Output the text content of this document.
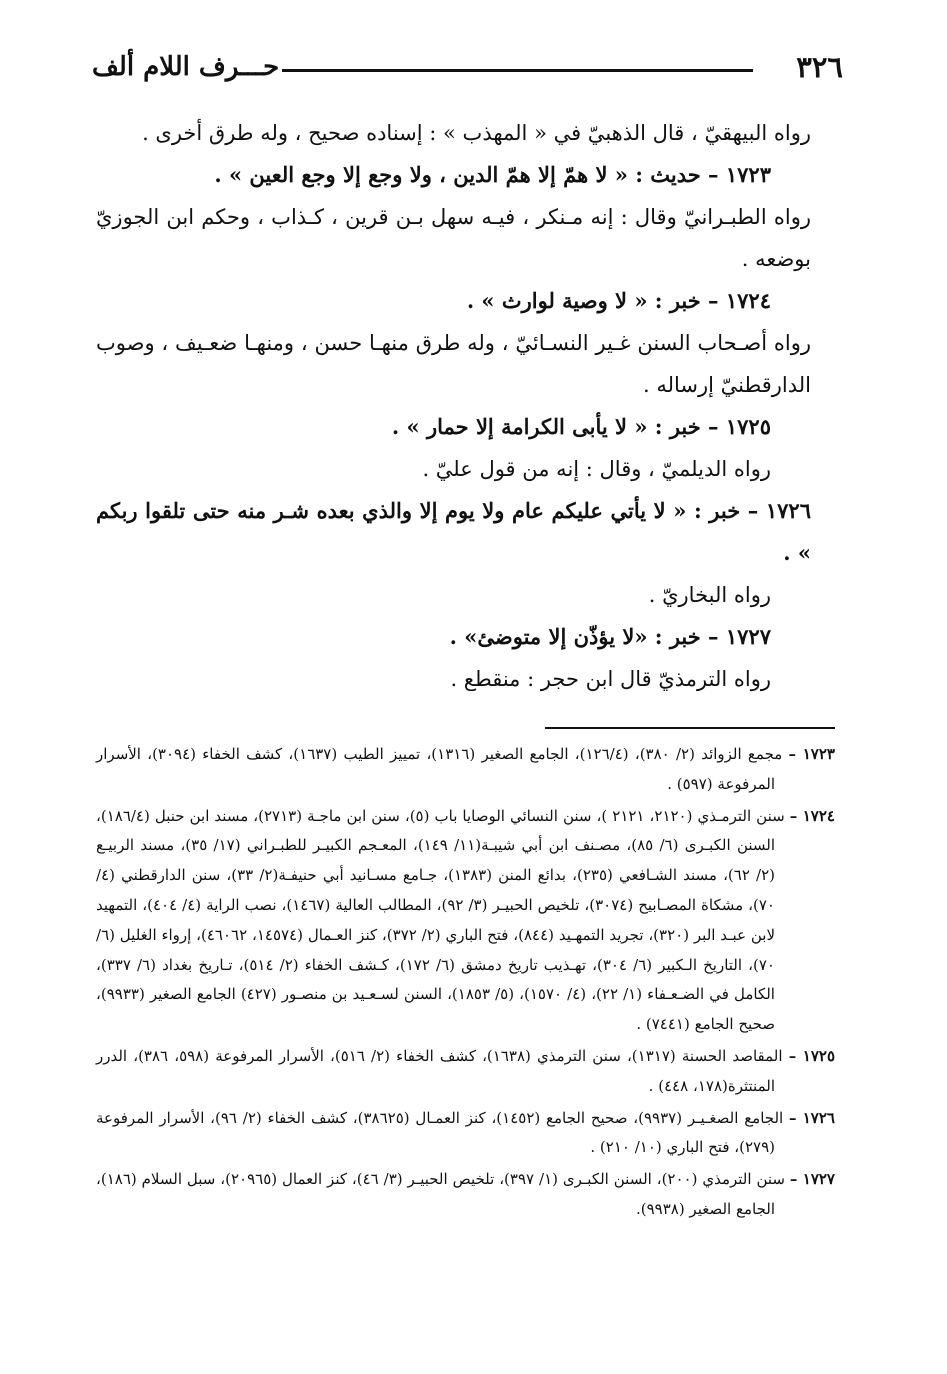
٣٢٦
حـــرف اللام ألف

رواه البيهقيّ ، قال الذهبيّ في « المهذب » : إسناده صحيح ، وله طرق أخرى .

١٧٢٣ – حديث : « لا همّ إلا همّ الدين ، ولا وجع إلا وجع العين » .

رواه الطبـرانيّ وقال : إنه مـنكر ، فيـه سهل بـن قرين ، كـذاب ، وحكم ابن الجوزيّ بوضعه .

١٧٢٤ – خبر : « لا وصية لوارث » .

رواه أصـحاب السنن غـير النسـائيّ ، وله طرق منهـا حسن ، ومنهـا ضعـيف ، وصوب الدارقطنيّ إرساله .

١٧٢٥ – خبر : « لا يأبى الكرامة إلا حمار » .

رواه الديلميّ ، وقال : إنه من قول عليّ .

١٧٢٦ – خبر : « لا يأتي عليكم عام ولا يوم إلا والذي بعده شـر منه حتى تلقوا ربكم » .

رواه البخاريّ .

١٧٢٧ – خبر : «لا يؤذّن إلا متوضئ» .

رواه الترمذيّ قال ابن حجر : منقطع .

١٧٢٣ – مجمع الزوائد (٢/ ٣٨٠)، (١٢٦/٤)، الجامع الصغير (١٣١٦)، تمييز الطيب (١٦٣٧)، كشف الخفاء (٣٠٩٤)، الأسرار المرفوعة (٥٩٧) .

١٧٢٤ – سنن الترمـذي (٢١٢٠، ٢١٢١ )، سنن النسائي الوصايا باب (٥)، سنن ابن ماجـة (٢٧١٣)، مسند ابن حنبل (١٨٦/٤)، السنن الكبـرى (٦/ ٨٥)، مصـنف ابن أبي شيبـة(١١/ ١٤٩)، المعـجم الكبيـر للطبـراني (١٧/ ٣٥)، مسند الربيـع (٢/ ٦٢)، مسند الشـافعي (٢٣٥)، بدائع المنن (١٣٨٣)، جـامع مسـانيد أبي حنيفـة(٢/ ٣٣)، سنن الدارقطني (٤/ ٧٠)، مشكاة المصـابيح (٣٠٧٤)، تلخيص الحبيـر (٣/ ٩٢)، المطالب العالية (١٤٦٧)، نصب الراية (٤/ ٤٠٤)، التمهيد لابن عبـد البر (٣٢٠)، تجريد التمهـيد (٨٤٤)، فتح الباري (٢/ ٣٧٢)، كنز العـمال (١٤٥٧٤، ٤٦٠٦٢)، إرواء الغليل (٦/ ٧٠)، التاريخ الـكبير (٦/ ٣٠٤)، تهـذيب تاريخ دمشق (٦/ ١٧٢)، كـشف الخفاء (٢/ ٥١٤)، تـاريخ بغداد (٦/ ٣٣٧)، الكامل في الضـعـفاء (١/ ٢٢)، (٤/ ١٥٧٠)، (٥/ ١٨٥٣)، السنن لسـعـيد بن منصـور (٤٢٧) الجامع الصغير (٩٩٣٣)، صحيح الجامع (٧٤٤١) .

١٧٢٥ – المقاصد الحسنة (١٣١٧)، سنن الترمذي (١٦٣٨)، كشف الخفاء (٢/ ٥١٦)، الأسرار المرفوعة (٥٩٨، ٣٨٦)، الدرر المنتثرة(١٧٨، ٤٤٨) .

١٧٢٦ – الجامع الصغـيـر (٩٩٣٧)، صحيح الجامع (١٤٥٢)، كنز العمـال (٣٨٦٢٥)، كشف الخفاء (٢/ ٩٦)، الأسرار المرفوعة (٢٧٩)، فتح الباري (١٠/ ٢١٠) .

١٧٢٧ – سنن الترمذي (٢٠٠)، السنن الكبـرى (١/ ٣٩٧)، تلخيص الحبيـر (٣/ ٤٦)، كنز العمال (٢٠٩٦٥)، سبل السلام (١٨٦)، الجامع الصغير (٩٩٣٨).
